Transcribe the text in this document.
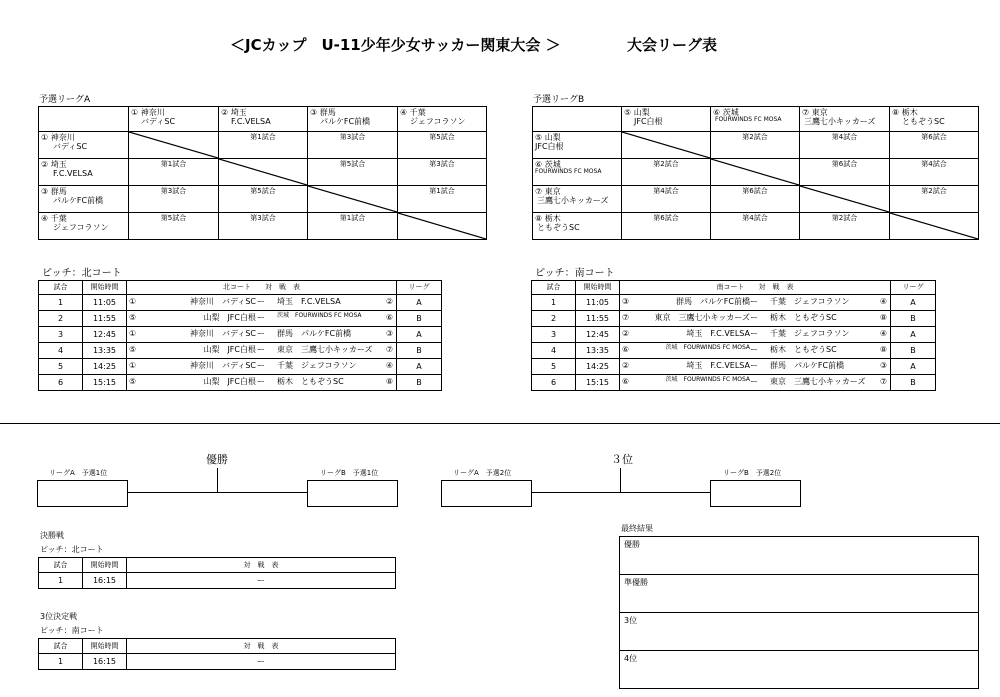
＜JCカップ　U-11少年少女サッカー関東大会 ＞	大会リーグ表
予選リーグA
	① 神奈川
バディSC	② 埼玉
F.C.VELSA	③ 群馬
パルケFC前橋	④ 千葉
ジェフコラソン

① 神奈川
バディSC		第1試合	第3試合	第5試合

② 埼玉
F.C.VELSA	第1試合		第5試合	第3試合

③ 群馬
パルケFC前橋	第3試合	第5試合		第1試合

④ 千葉
ジェフコラソン	第5試合	第3試合	第1試合

予選リーグB
	⑤ 山梨
JFC白根	⑥ 茨城
FOURWINDS FC MOSA	⑦ 東京
三鷹七小キッカーズ	⑧ 栃木
ともぞうSC

⑤ 山梨
JFC白根		第2試合	第4試合	第6試合

⑥ 茨城
FOURWINDS FC MOSA	第2試合		第6試合	第4試合

⑦ 東京
三鷹七小キッカーズ	第4試合	第6試合		第2試合

⑧ 栃木
ともぞうSC	第6試合	第4試合	第2試合

ピッチ：北コート
試合	開始時間	北コート　　対　戦　表	リーグ
1	11:05	① 神奈川　バディSC ー 埼玉　F.C.VELSA ②	A
2	11:55	⑤ 山梨　JFC白根 ー 茨城　FOURWINDS FC MOSA ⑥	B
3	12:45	① 神奈川　バディSC ー 群馬　パルケFC前橋 ③	A
4	13:35	⑤ 山梨　JFC白根 ー 東京　三鷹七小キッカーズ ⑦	B
5	14:25	① 神奈川　バディSC ー 千葉　ジェフコラソン ④	A
6	15:15	⑤ 山梨　JFC白根 ー 栃木　ともぞうSC ⑧	B
ピッチ：南コート
試合	開始時間	南コート　　対　戦　表	リーグ
1	11:05	③ 群馬　パルケFC前橋 ー 千葉　ジェフコラソン ④	A
2	11:55	⑦ 東京　三鷹七小キッカーズ ー 栃木　ともぞうSC ⑧	B
3	12:45	② 埼玉　F.C.VELSA ー 千葉　ジェフコラソン ④	A
4	13:35	⑥ 茨城　FOURWINDS FC MOSA ー 栃木　ともぞうSC ⑧	B
5	14:25	② 埼玉　F.C.VELSA ー 群馬　パルケFC前橋 ③	A
6	15:15	⑥ 茨城　FOURWINDS FC MOSA ー 東京　三鷹七小キッカーズ ⑦	B
優勝
リーグA　予選1位	リーグB　予選1位
３位
リーグA　予選2位	リーグB　予選2位
決勝戦
ピッチ：北コート
試合	開始時間	対　戦　表
1	16:15	ー
3位決定戦
ピッチ：南コート
試合	開始時間	対　戦　表
1	16:15	ー
最終結果
優勝
準優勝
3位
4位
